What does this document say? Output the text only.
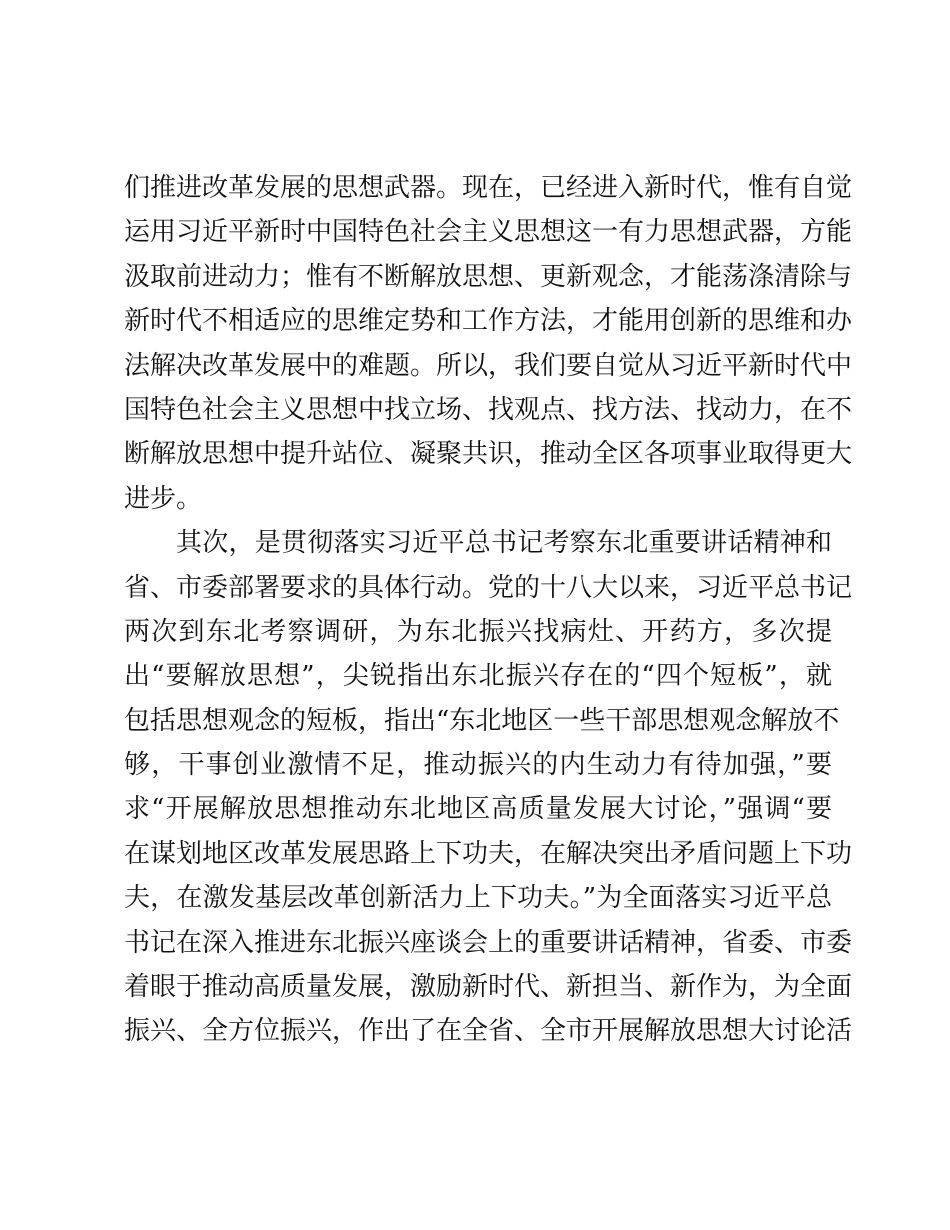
们推进改革发展的思想武器。现在，已经进入新时代，惟有自觉
运用习近平新时中国特色社会主义思想这一有力思想武器，方能
汲取前进动力；惟有不断解放思想、更新观念，才能荡涤清除与
新时代不相适应的思维定势和工作方法，才能用创新的思维和办
法解决改革发展中的难题。所以，我们要自觉从习近平新时代中
国特色社会主义思想中找立场、找观点、找方法、找动力，在不
断解放思想中提升站位、凝聚共识，推动全区各项事业取得更大
进步。
其次，是贯彻落实习近平总书记考察东北重要讲话精神和
省、市委部署要求的具体行动。党的十八大以来，习近平总书记
两次到东北考察调研，为东北振兴找病灶、开药方，多次提
出“要解放思想”，尖锐指出东北振兴存在的“四个短板”，就
包括思想观念的短板，指出“东北地区一些干部思想观念解放不
够，干事创业激情不足，推动振兴的内生动力有待加强，”要
求“开展解放思想推动东北地区高质量发展大讨论，”强调“要
在谋划地区改革发展思路上下功夫，在解决突出矛盾问题上下功
夫，在激发基层改革创新活力上下功夫。”为全面落实习近平总
书记在深入推进东北振兴座谈会上的重要讲话精神，省委、市委
着眼于推动高质量发展，激励新时代、新担当、新作为，为全面
振兴、全方位振兴，作出了在全省、全市开展解放思想大讨论活
